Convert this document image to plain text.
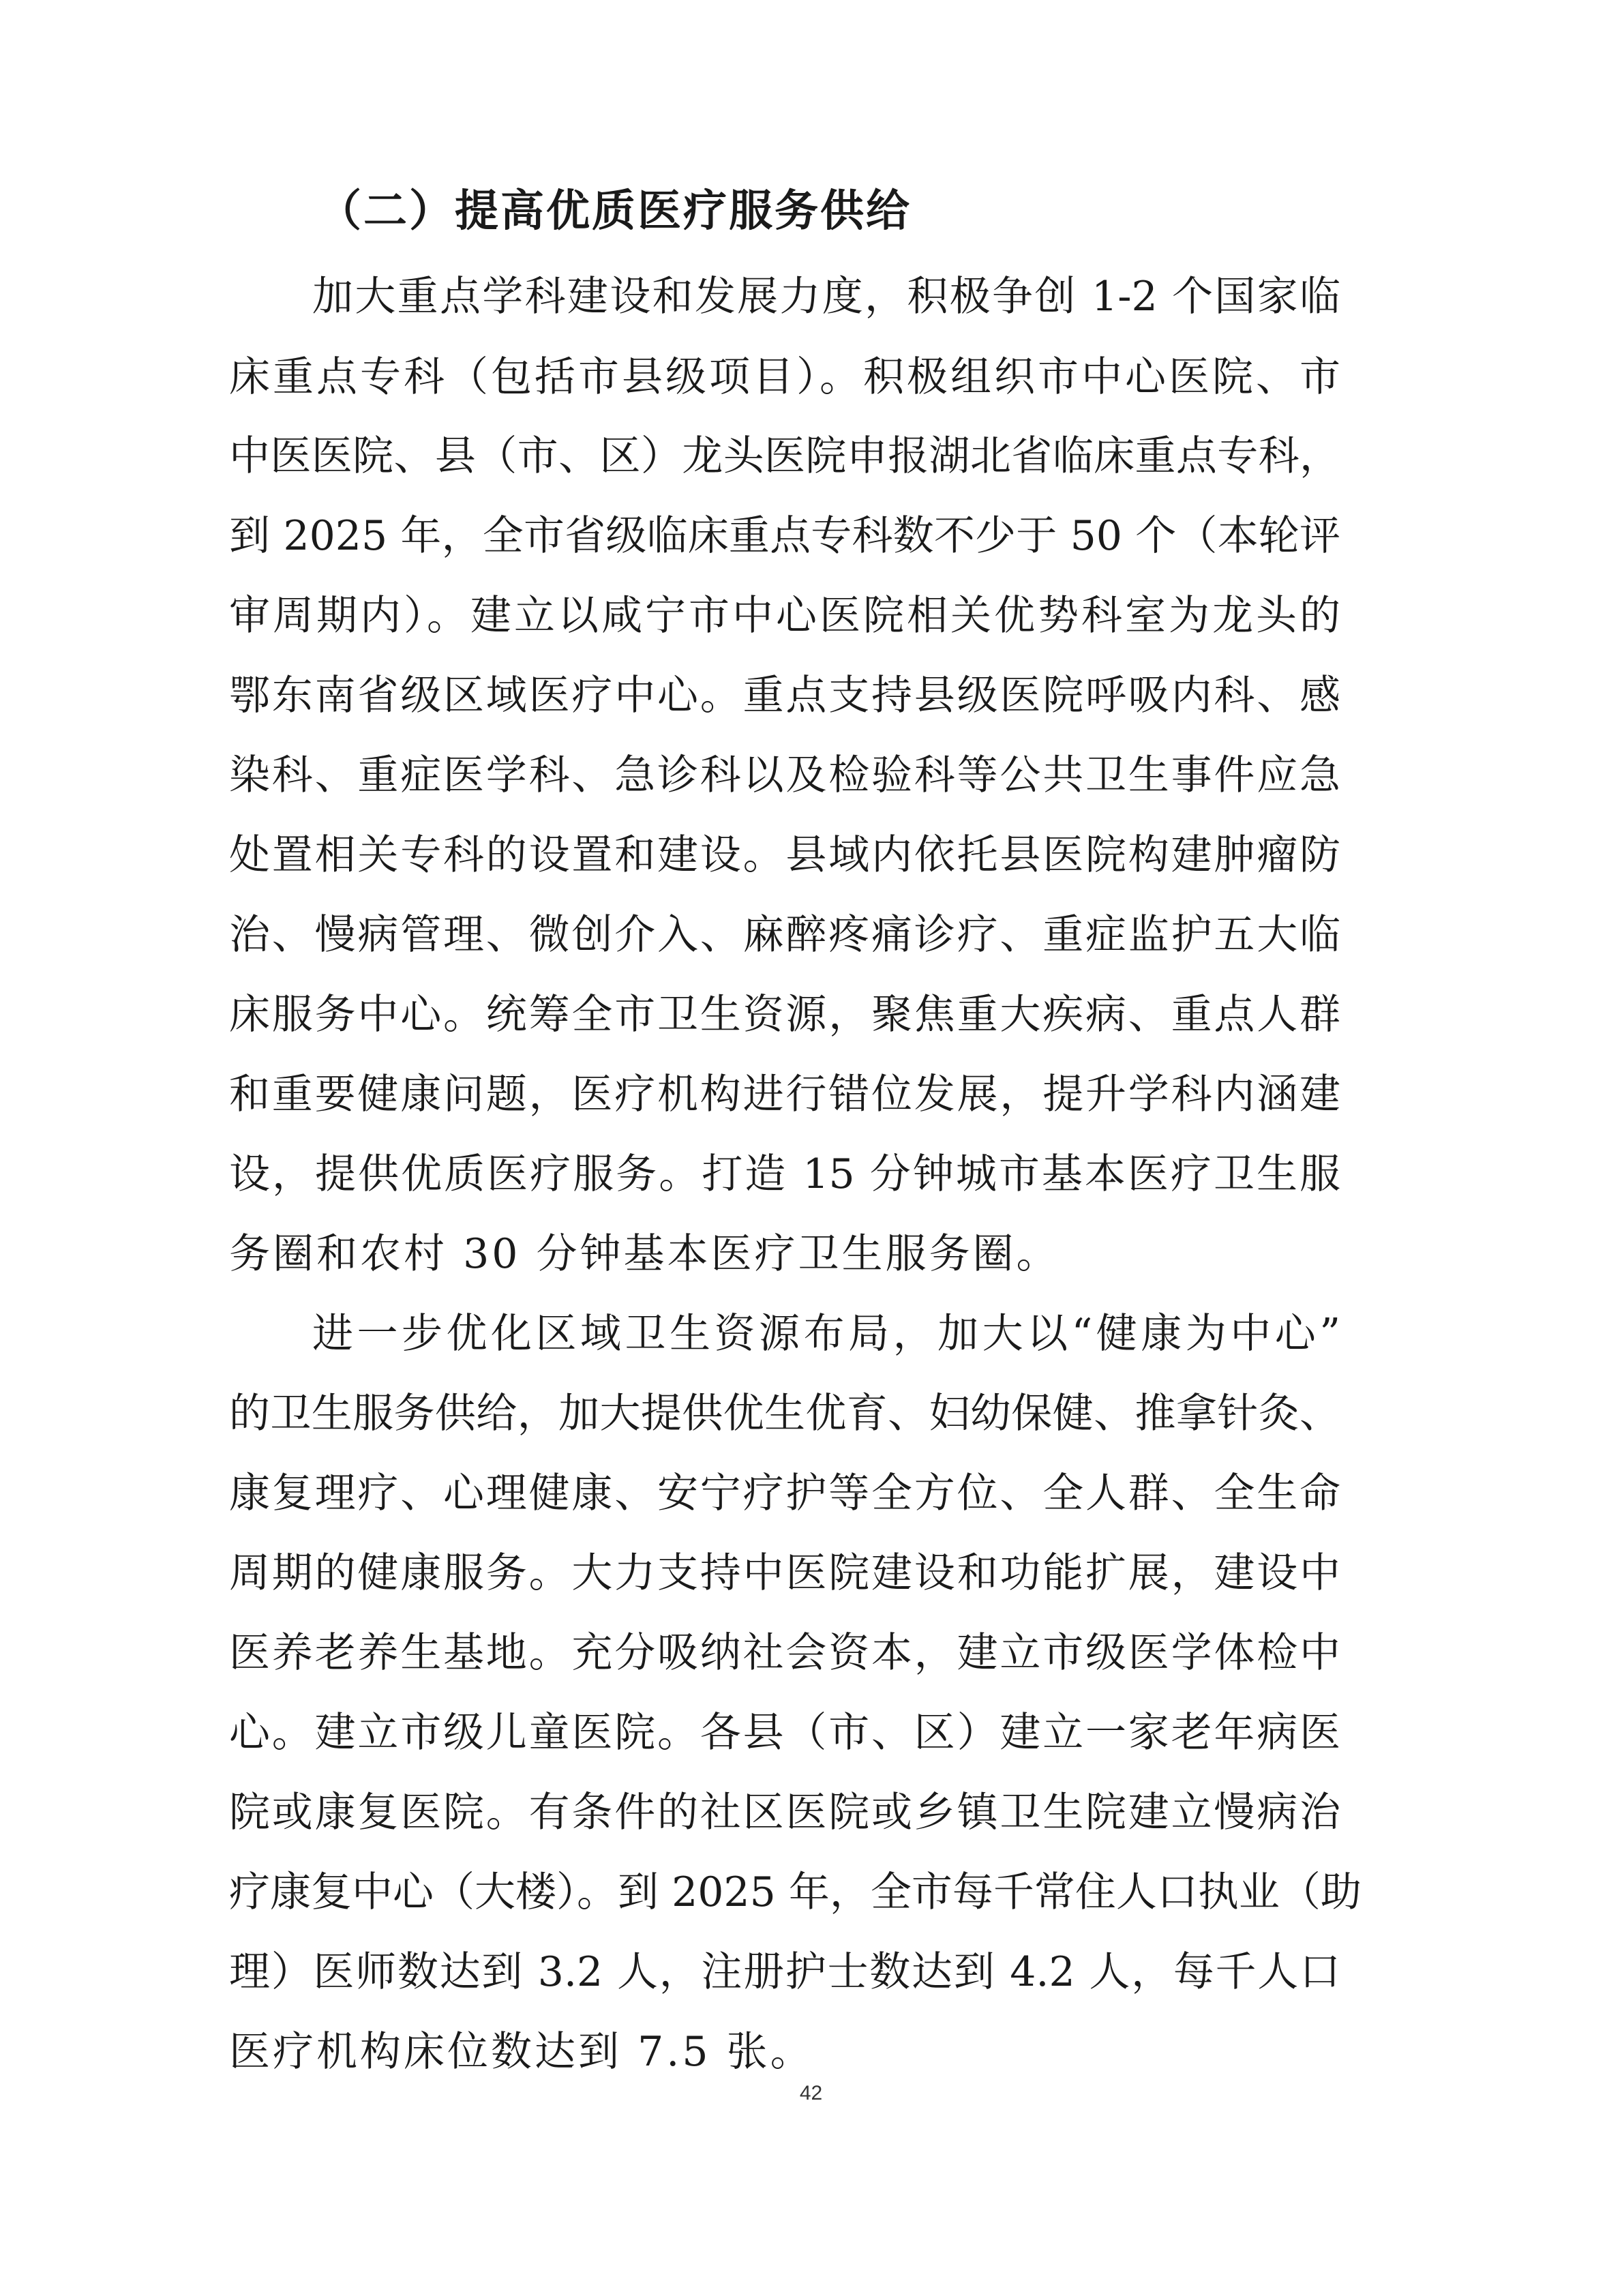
（二）提高优质医疗服务供给

加大重点学科建设和发展力度，积极争创 1-2 个国家临

床重点专科（包括市县级项目）。积极组织市中心医院、市

中医医院、县（市、区）龙头医院申报湖北省临床重点专科，

到 2025 年，全市省级临床重点专科数不少于 50 个（本轮评

审周期内）。建立以咸宁市中心医院相关优势科室为龙头的

鄂东南省级区域医疗中心。重点支持县级医院呼吸内科、感

染科、重症医学科、急诊科以及检验科等公共卫生事件应急

处置相关专科的设置和建设。县域内依托县医院构建肿瘤防

治、慢病管理、微创介入、麻醉疼痛诊疗、重症监护五大临

床服务中心。统筹全市卫生资源，聚焦重大疾病、重点人群

和重要健康问题，医疗机构进行错位发展，提升学科内涵建

设，提供优质医疗服务。打造 15 分钟城市基本医疗卫生服

务圈和农村 30 分钟基本医疗卫生服务圈。

进一步优化区域卫生资源布局，加大以“健康为中心”

的卫生服务供给，加大提供优生优育、妇幼保健、推拿针灸、

康复理疗、心理健康、安宁疗护等全方位、全人群、全生命

周期的健康服务。大力支持中医院建设和功能扩展，建设中

医养老养生基地。充分吸纳社会资本，建立市级医学体检中

心。建立市级儿童医院。各县（市、区）建立一家老年病医

院或康复医院。有条件的社区医院或乡镇卫生院建立慢病治

疗康复中心（大楼）。到 2025 年，全市每千常住人口执业（助

理）医师数达到 3.2 人，注册护士数达到 4.2 人，每千人口

医疗机构床位数达到 7.5 张。

42
